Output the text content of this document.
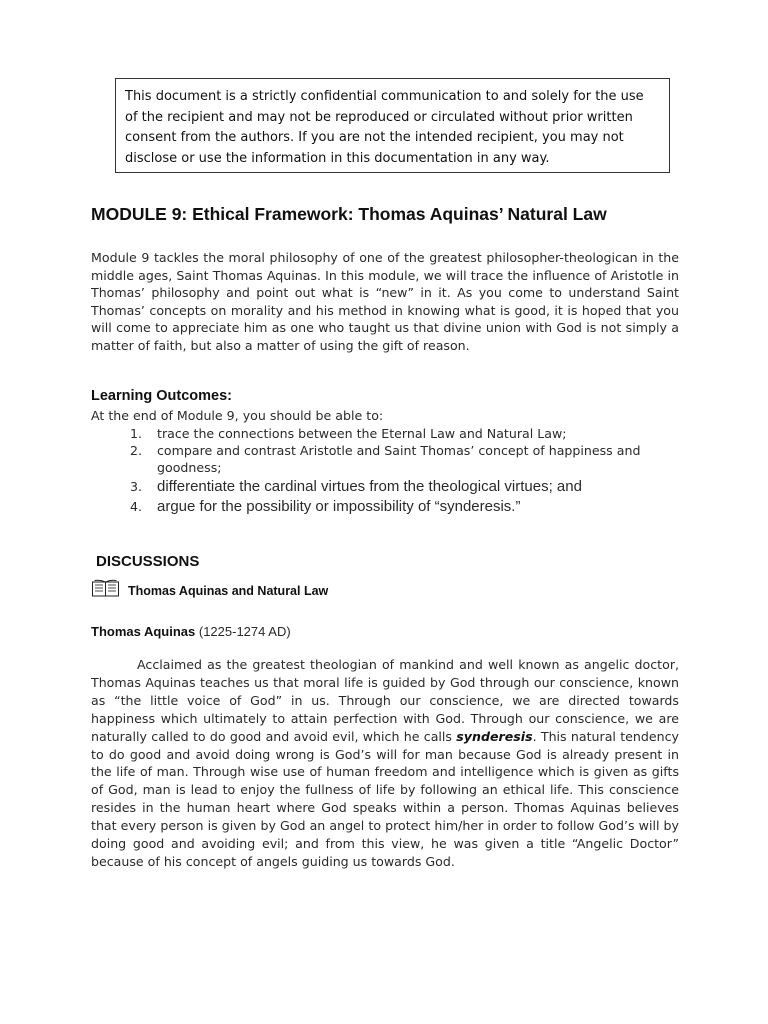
This document is a strictly confidential communication to and solely for the use of the recipient and may not be reproduced or circulated without prior written consent from the authors. If you are not the intended recipient, you may not disclose or use the information in this documentation in any way.
MODULE 9: Ethical Framework: Thomas Aquinas’ Natural Law
Module 9 tackles the moral philosophy of one of the greatest philosopher-theologican in the middle ages, Saint Thomas Aquinas. In this module, we will trace the influence of Aristotle in Thomas’ philosophy and point out what is “new” in it. As you come to understand Saint Thomas’ concepts on morality and his method in knowing what is good, it is hoped that you will come to appreciate him as one who taught us that divine union with God is not simply a matter of faith, but also a matter of using the gift of reason.
Learning Outcomes:
At the end of Module 9, you should be able to:
1. trace the connections between the Eternal Law and Natural Law;
2. compare and contrast Aristotle and Saint Thomas’ concept of happiness and goodness;
3. differentiate the cardinal virtues from the theological virtues; and
4. argue for the possibility or impossibility of “synderesis.”
DISCUSSIONS
Thomas Aquinas and Natural Law
Thomas Aquinas (1225-1274 AD)
Acclaimed as the greatest theologian of mankind and well known as angelic doctor, Thomas Aquinas teaches us that moral life is guided by God through our conscience, known as “the little voice of God” in us. Through our conscience, we are directed towards happiness which ultimately to attain perfection with God. Through our conscience, we are naturally called to do good and avoid evil, which he calls synderesis. This natural tendency to do good and avoid doing wrong is God’s will for man because God is already present in the life of man. Through wise use of human freedom and intelligence which is given as gifts of God, man is lead to enjoy the fullness of life by following an ethical life. This conscience resides in the human heart where God speaks within a person. Thomas Aquinas believes that every person is given by God an angel to protect him/her in order to follow God’s will by doing good and avoiding evil; and from this view, he was given a title “Angelic Doctor” because of his concept of angels guiding us towards God.
